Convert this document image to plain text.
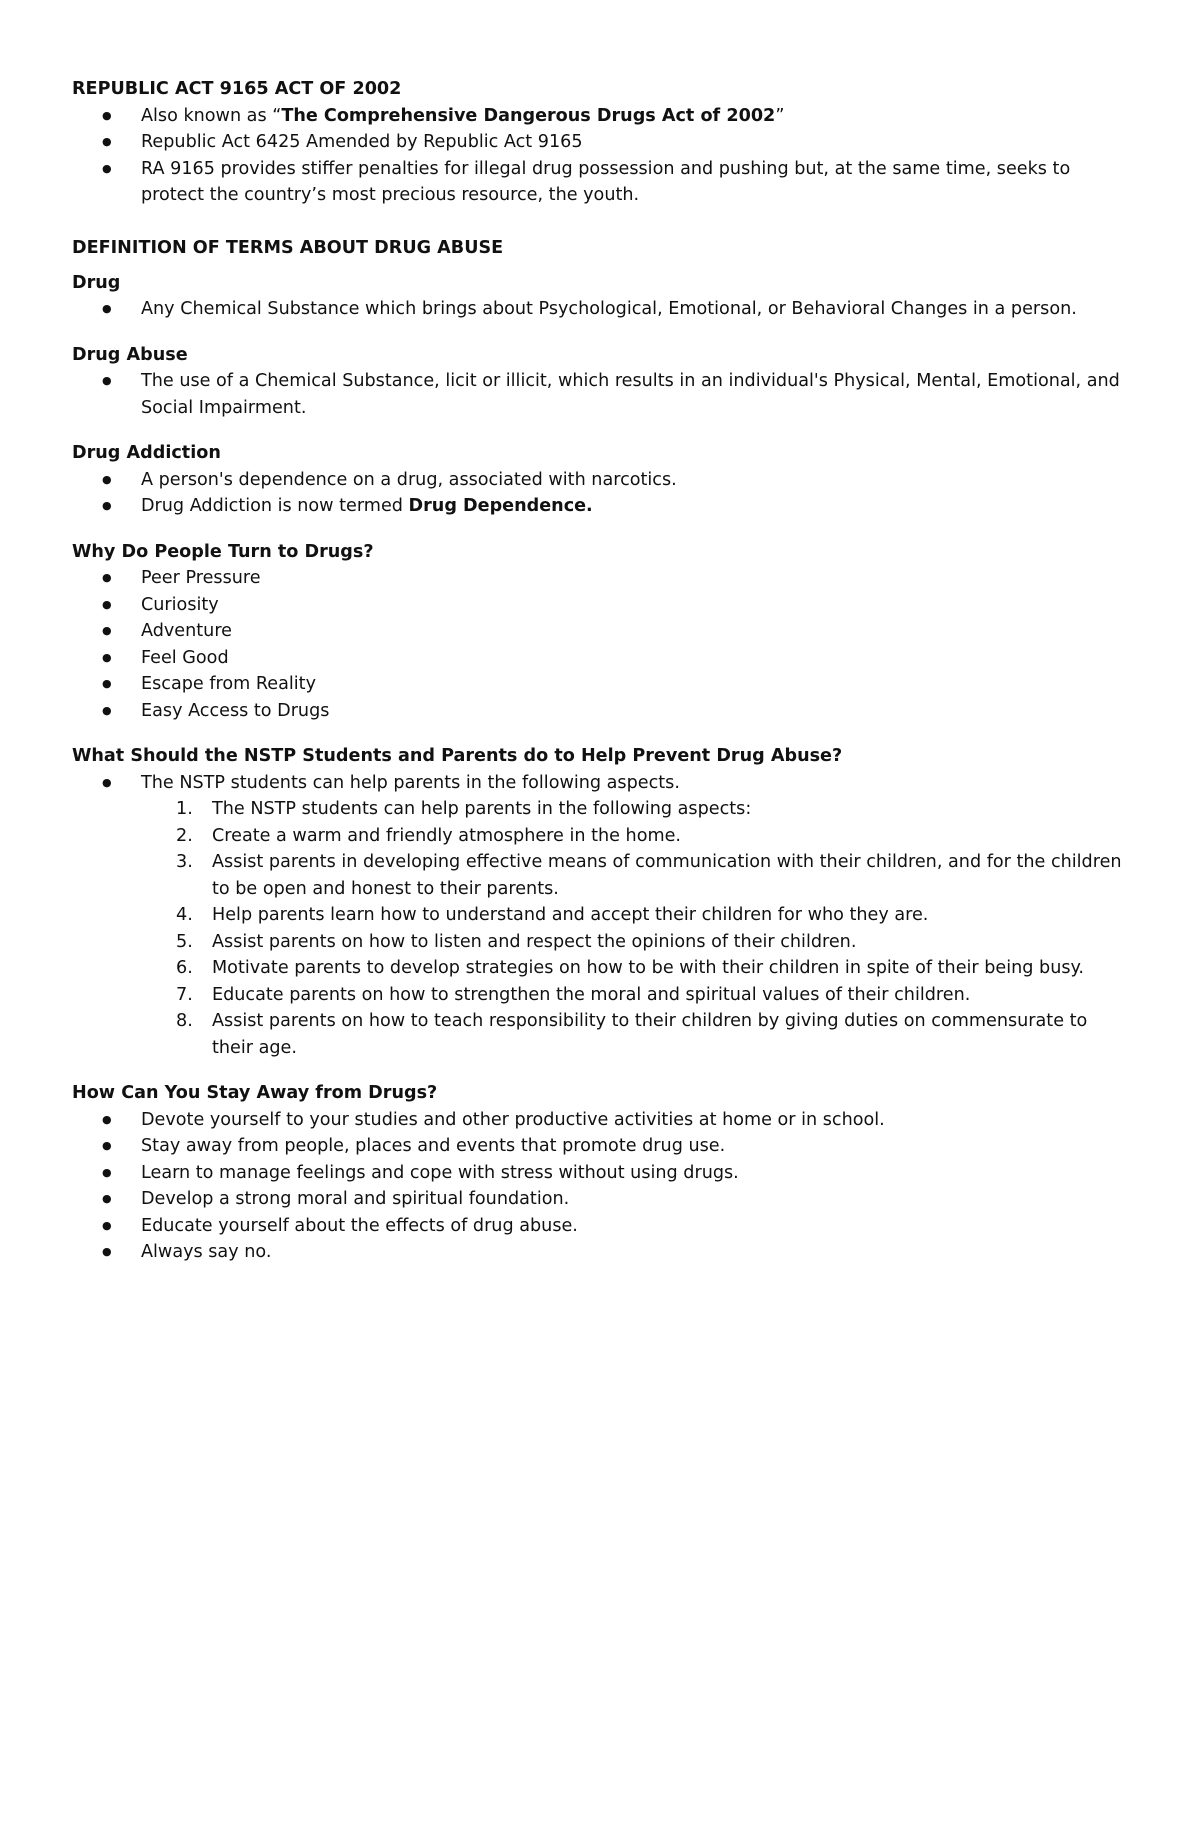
REPUBLIC ACT 9165 ACT OF 2002

● Also known as “The Comprehensive Dangerous Drugs Act of 2002”
● Republic Act 6425 Amended by Republic Act 9165
● RA 9165 provides stiffer penalties for illegal drug possession and pushing but, at the same time, seeks to protect the country’s most precious resource, the youth.

DEFINITION OF TERMS ABOUT DRUG ABUSE

Drug

● Any Chemical Substance which brings about Psychological, Emotional, or Behavioral Changes in a person.

Drug Abuse

● The use of a Chemical Substance, licit or illicit, which results in an individual's Physical, Mental, Emotional, and Social Impairment.

Drug Addiction

● A person's dependence on a drug, associated with narcotics.
● Drug Addiction is now termed Drug Dependence.

Why Do People Turn to Drugs?

● Peer Pressure
● Curiosity
● Adventure
● Feel Good
● Escape from Reality
● Easy Access to Drugs

What Should the NSTP Students and Parents do to Help Prevent Drug Abuse?

● The NSTP students can help parents in the following aspects.
1. The NSTP students can help parents in the following aspects:
2. Create a warm and friendly atmosphere in the home.
3. Assist parents in developing effective means of communication with their children, and for the children to be open and honest to their parents.
4. Help parents learn how to understand and accept their children for who they are.
5. Assist parents on how to listen and respect the opinions of their children.
6. Motivate parents to develop strategies on how to be with their children in spite of their being busy.
7. Educate parents on how to strengthen the moral and spiritual values of their children.
8. Assist parents on how to teach responsibility to their children by giving duties on commensurate to their age.

How Can You Stay Away from Drugs?

● Devote yourself to your studies and other productive activities at home or in school.
● Stay away from people, places and events that promote drug use.
● Learn to manage feelings and cope with stress without using drugs.
● Develop a strong moral and spiritual foundation.
● Educate yourself about the effects of drug abuse.
● Always say no.
